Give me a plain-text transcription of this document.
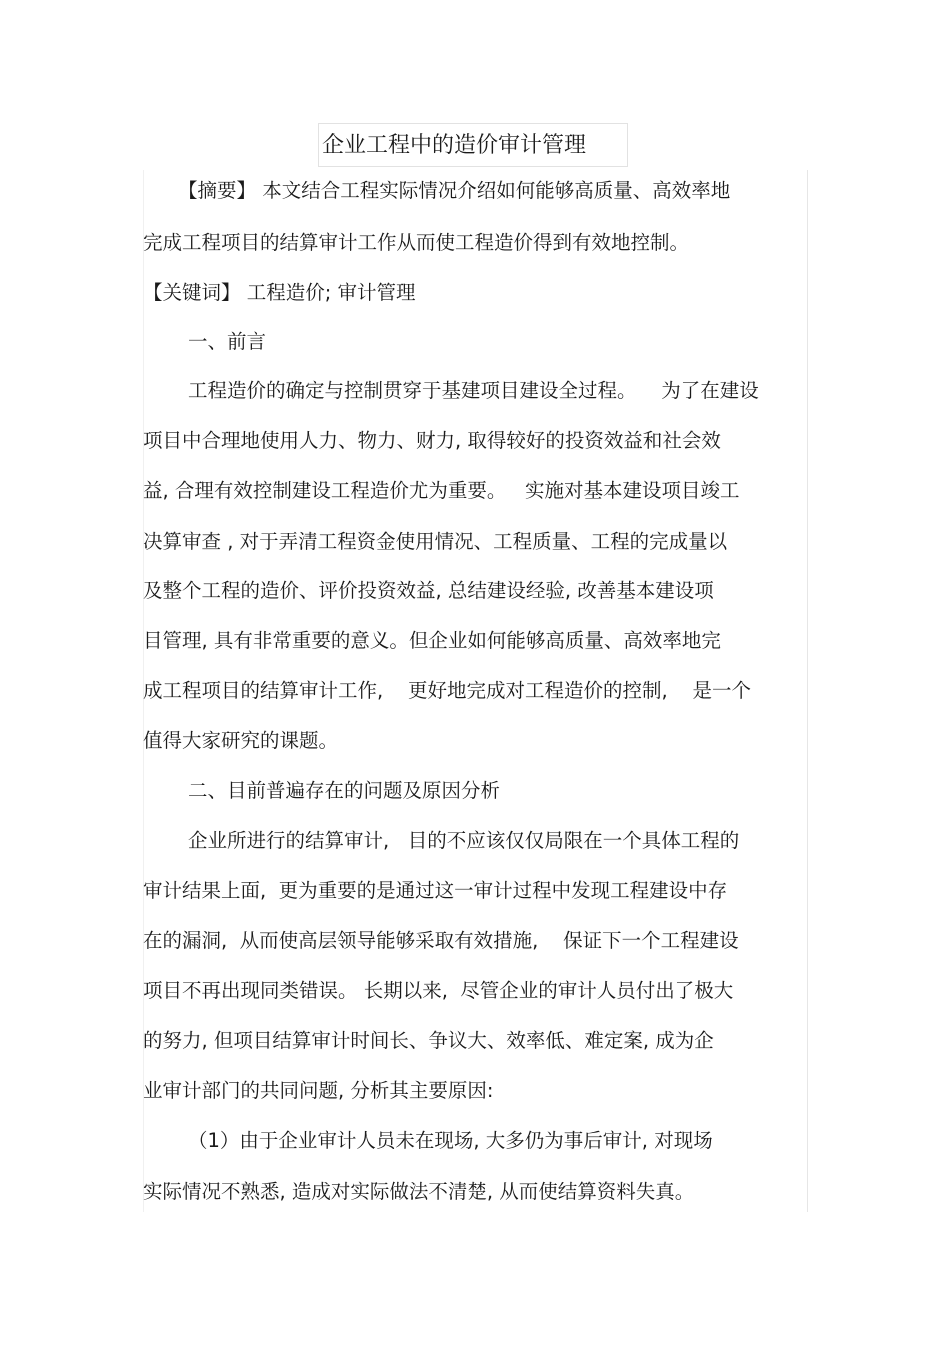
企业工程中的造价审计管理
【摘要】 本文结合工程实际情况介绍如何能够高质量、高效率地
完成工程项目的结算审计工作从而使工程造价得到有效地控制。
【关键词】 工程造价; 审计管理
一、前言
工程造价的确定与控制贯穿于基建项目建设全过程。    为了在建设
项目中合理地使用人力、物力、财力, 取得较好的投资效益和社会效
益, 合理有效控制建设工程造价尤为重要。   实施对基本建设项目竣工
决算审查 , 对于弄清工程资金使用情况、工程质量、工程的完成量以
及整个工程的造价、评价投资效益, 总结建设经验, 改善基本建设项
目管理, 具有非常重要的意义。但企业如何能够高质量、高效率地完
成工程项目的结算审计工作,    更好地完成对工程造价的控制,    是一个
值得大家研究的课题。
二、目前普遍存在的问题及原因分析
企业所进行的结算审计,   目的不应该仅仅局限在一个具体工程的
审计结果上面,  更为重要的是通过这一审计过程中发现工程建设中存
在的漏洞,  从而使高层领导能够采取有效措施,    保证下一个工程建设
项目不再出现同类错误。 长期以来,  尽管企业的审计人员付出了极大
的努力, 但项目结算审计时间长、争议大、效率低、难定案, 成为企
业审计部门的共同问题, 分析其主要原因:
（1）由于企业审计人员未在现场, 大多仍为事后审计, 对现场
实际情况不熟悉, 造成对实际做法不清楚, 从而使结算资料失真。
